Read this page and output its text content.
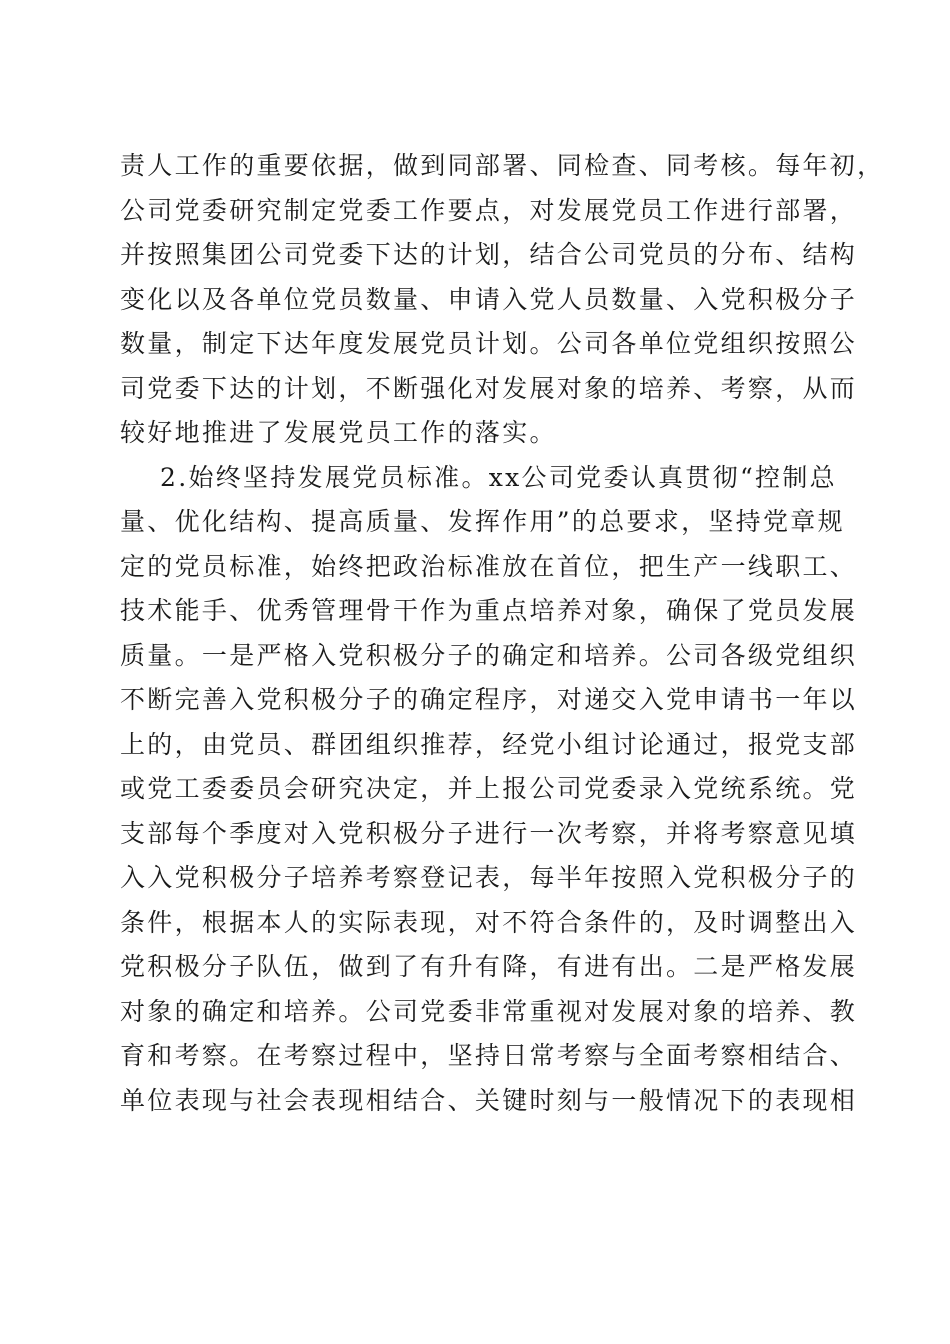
责人工作的重要依据，做到同部署、同检查、同考核。每年初，
公司党委研究制定党委工作要点，对发展党员工作进行部署，
并按照集团公司党委下达的计划，结合公司党员的分布、结构
变化以及各单位党员数量、申请入党人员数量、入党积极分子
数量，制定下达年度发展党员计划。公司各单位党组织按照公
司党委下达的计划，不断强化对发展对象的培养、考察，从而
较好地推进了发展党员工作的落实。
2.始终坚持发展党员标准。xx公司党委认真贯彻“控制总
量、优化结构、提高质量、发挥作用”的总要求，坚持党章规
定的党员标准，始终把政治标准放在首位，把生产一线职工、
技术能手、优秀管理骨干作为重点培养对象，确保了党员发展
质量。一是严格入党积极分子的确定和培养。公司各级党组织
不断完善入党积极分子的确定程序，对递交入党申请书一年以
上的，由党员、群团组织推荐，经党小组讨论通过，报党支部
或党工委委员会研究决定，并上报公司党委录入党统系统。党
支部每个季度对入党积极分子进行一次考察，并将考察意见填
入入党积极分子培养考察登记表，每半年按照入党积极分子的
条件，根据本人的实际表现，对不符合条件的，及时调整出入
党积极分子队伍，做到了有升有降，有进有出。二是严格发展
对象的确定和培养。公司党委非常重视对发展对象的培养、教
育和考察。在考察过程中，坚持日常考察与全面考察相结合、
单位表现与社会表现相结合、关键时刻与一般情况下的表现相
